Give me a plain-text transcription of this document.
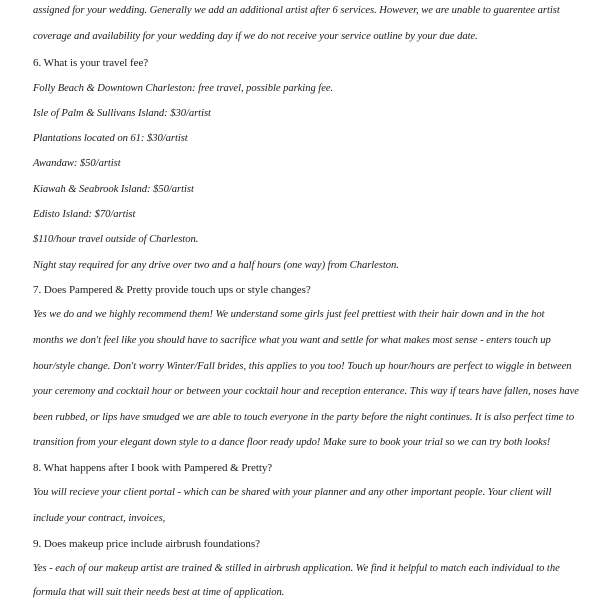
assigned for your wedding. Generally we add an additional artist after 6 services. However, we are unable to guarentee artist
coverage and availability for your wedding day if we do not receive your service outline by your due date.
6. What is your travel fee?
Folly Beach & Downtown Charleston: free travel, possible parking fee.
Isle of Palm & Sullivans Island: $30/artist
Plantations located on 61: $30/artist
Awandaw: $50/artist
Kiawah & Seabrook Island: $50/artist
Edisto Island: $70/artist
$110/hour travel outside of Charleston.
Night stay required for any drive over two and a half hours (one way) from Charleston.
7. Does Pampered & Pretty provide touch ups or style changes?
Yes we do and we highly recommend them! We understand some girls just feel prettiest with their hair down and in the hot
months we don't feel like you should have to sacrifice what you want and settle for what makes most sense - enters touch up
hour/style change. Don't worry Winter/Fall brides, this applies to you too! Touch up hour/hours are perfect to wiggle in between
your ceremony and cocktail hour or between your cocktail hour and reception enterance. This way if tears have fallen, noses have
been rubbed, or lips have smudged we are able to touch everyone in the party before the night continues. It is also perfect time to
transition from your elegant down style to a dance floor ready updo! Make sure to book your trial so we can try both looks!
8. What happens after I book with Pampered & Pretty?
You will recieve your client portal - which can be shared with your planner and any other important people. Your client will
include your contract, invoices,
9. Does makeup price include airbrush foundations?
Yes - each of our makeup artist are trained & stilled in airbrush application. We find it helpful to match each individual to the
formula that will suit their needs best at time of application.
